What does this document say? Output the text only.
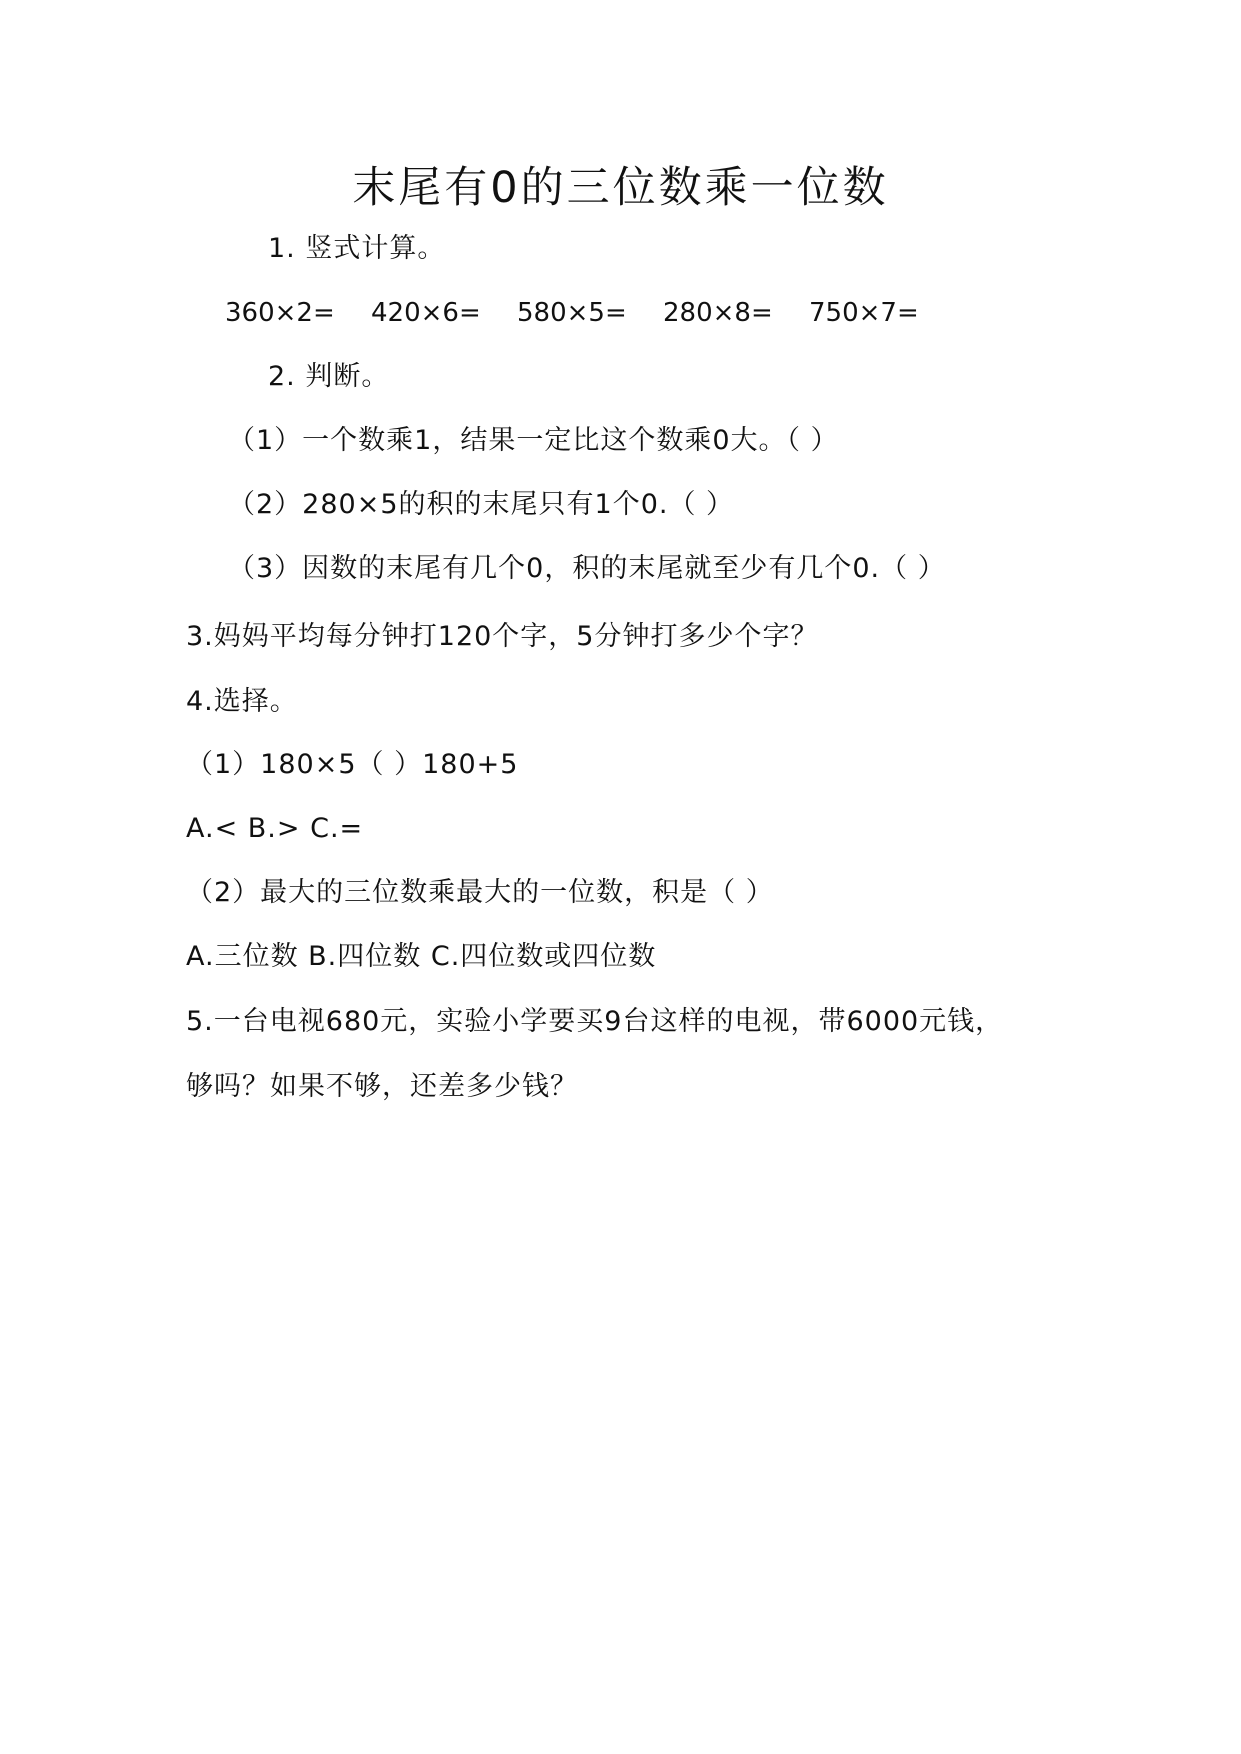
末尾有0的三位数乘一位数
1. 竖式计算。
360×2=	420×6=	580×5=	280×8=	750×7=
2. 判断。
（1）一个数乘1，结果一定比这个数乘0大。（ ）
（2）280×5的积的末尾只有1个0.（ ）
（3）因数的末尾有几个0，积的末尾就至少有几个0.（ ）
3.妈妈平均每分钟打120个字，5分钟打多少个字？
4.选择。
（1）180×5（ ）180+5
A.< B.> C.=
（2）最大的三位数乘最大的一位数，积是（ ）
A.三位数 B.四位数 C.四位数或四位数
5.一台电视680元，实验小学要买9台这样的电视，带6000元钱，
够吗？如果不够，还差多少钱？
